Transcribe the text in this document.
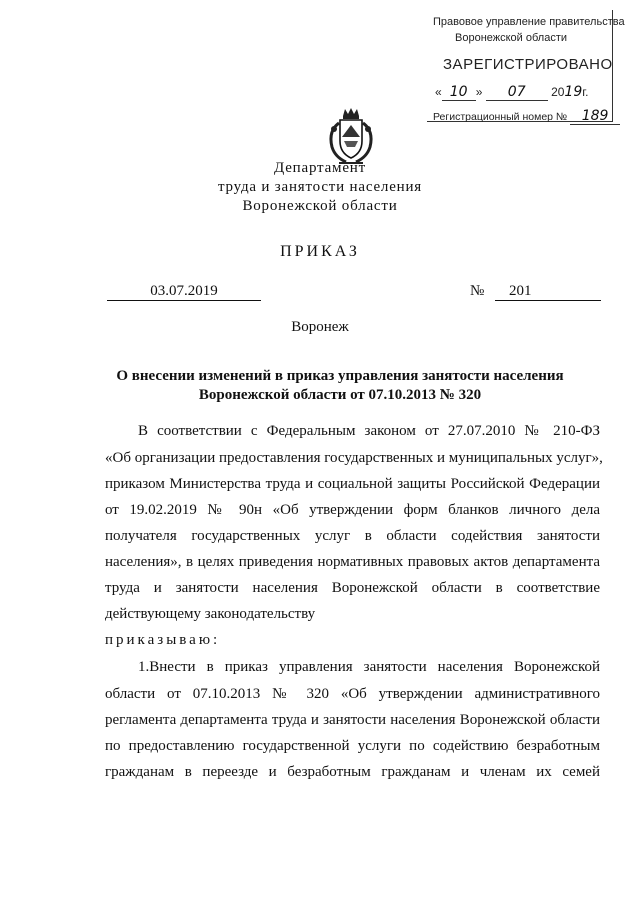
Правовое управление правительства
Воронежской области
ЗАРЕГИСТРИРОВАНО
« 10 » 07 2019г.
Регистрационный номер № 189
Департамент
труда и занятости населения
Воронежской области
ПРИКАЗ
03.07.2019	№	201
Воронеж
О внесении изменений в приказ управления занятости населения
Воронежской области от 07.10.2013 № 320
В соответствии с Федеральным законом от 27.07.2010 № 210-ФЗ
«Об организации предоставления государственных и муниципальных услуг»,
приказом Министерства труда и социальной защиты Российской Федерации
от 19.02.2019 № 90н «Об утверждении форм бланков личного дела
получателя государственных услуг в области содействия занятости
населения», в целях приведения нормативных правовых актов департамента
труда и занятости населения Воронежской области в соответствие
действующему законодательству
приказываю:
1.Внести в приказ управления занятости населения Воронежской
области от 07.10.2013 № 320 «Об утверждении административного
регламента департамента труда и занятости населения Воронежской области
по предоставлению государственной услуги по содействию безработным
гражданам в переезде и безработным гражданам и членам их семей
